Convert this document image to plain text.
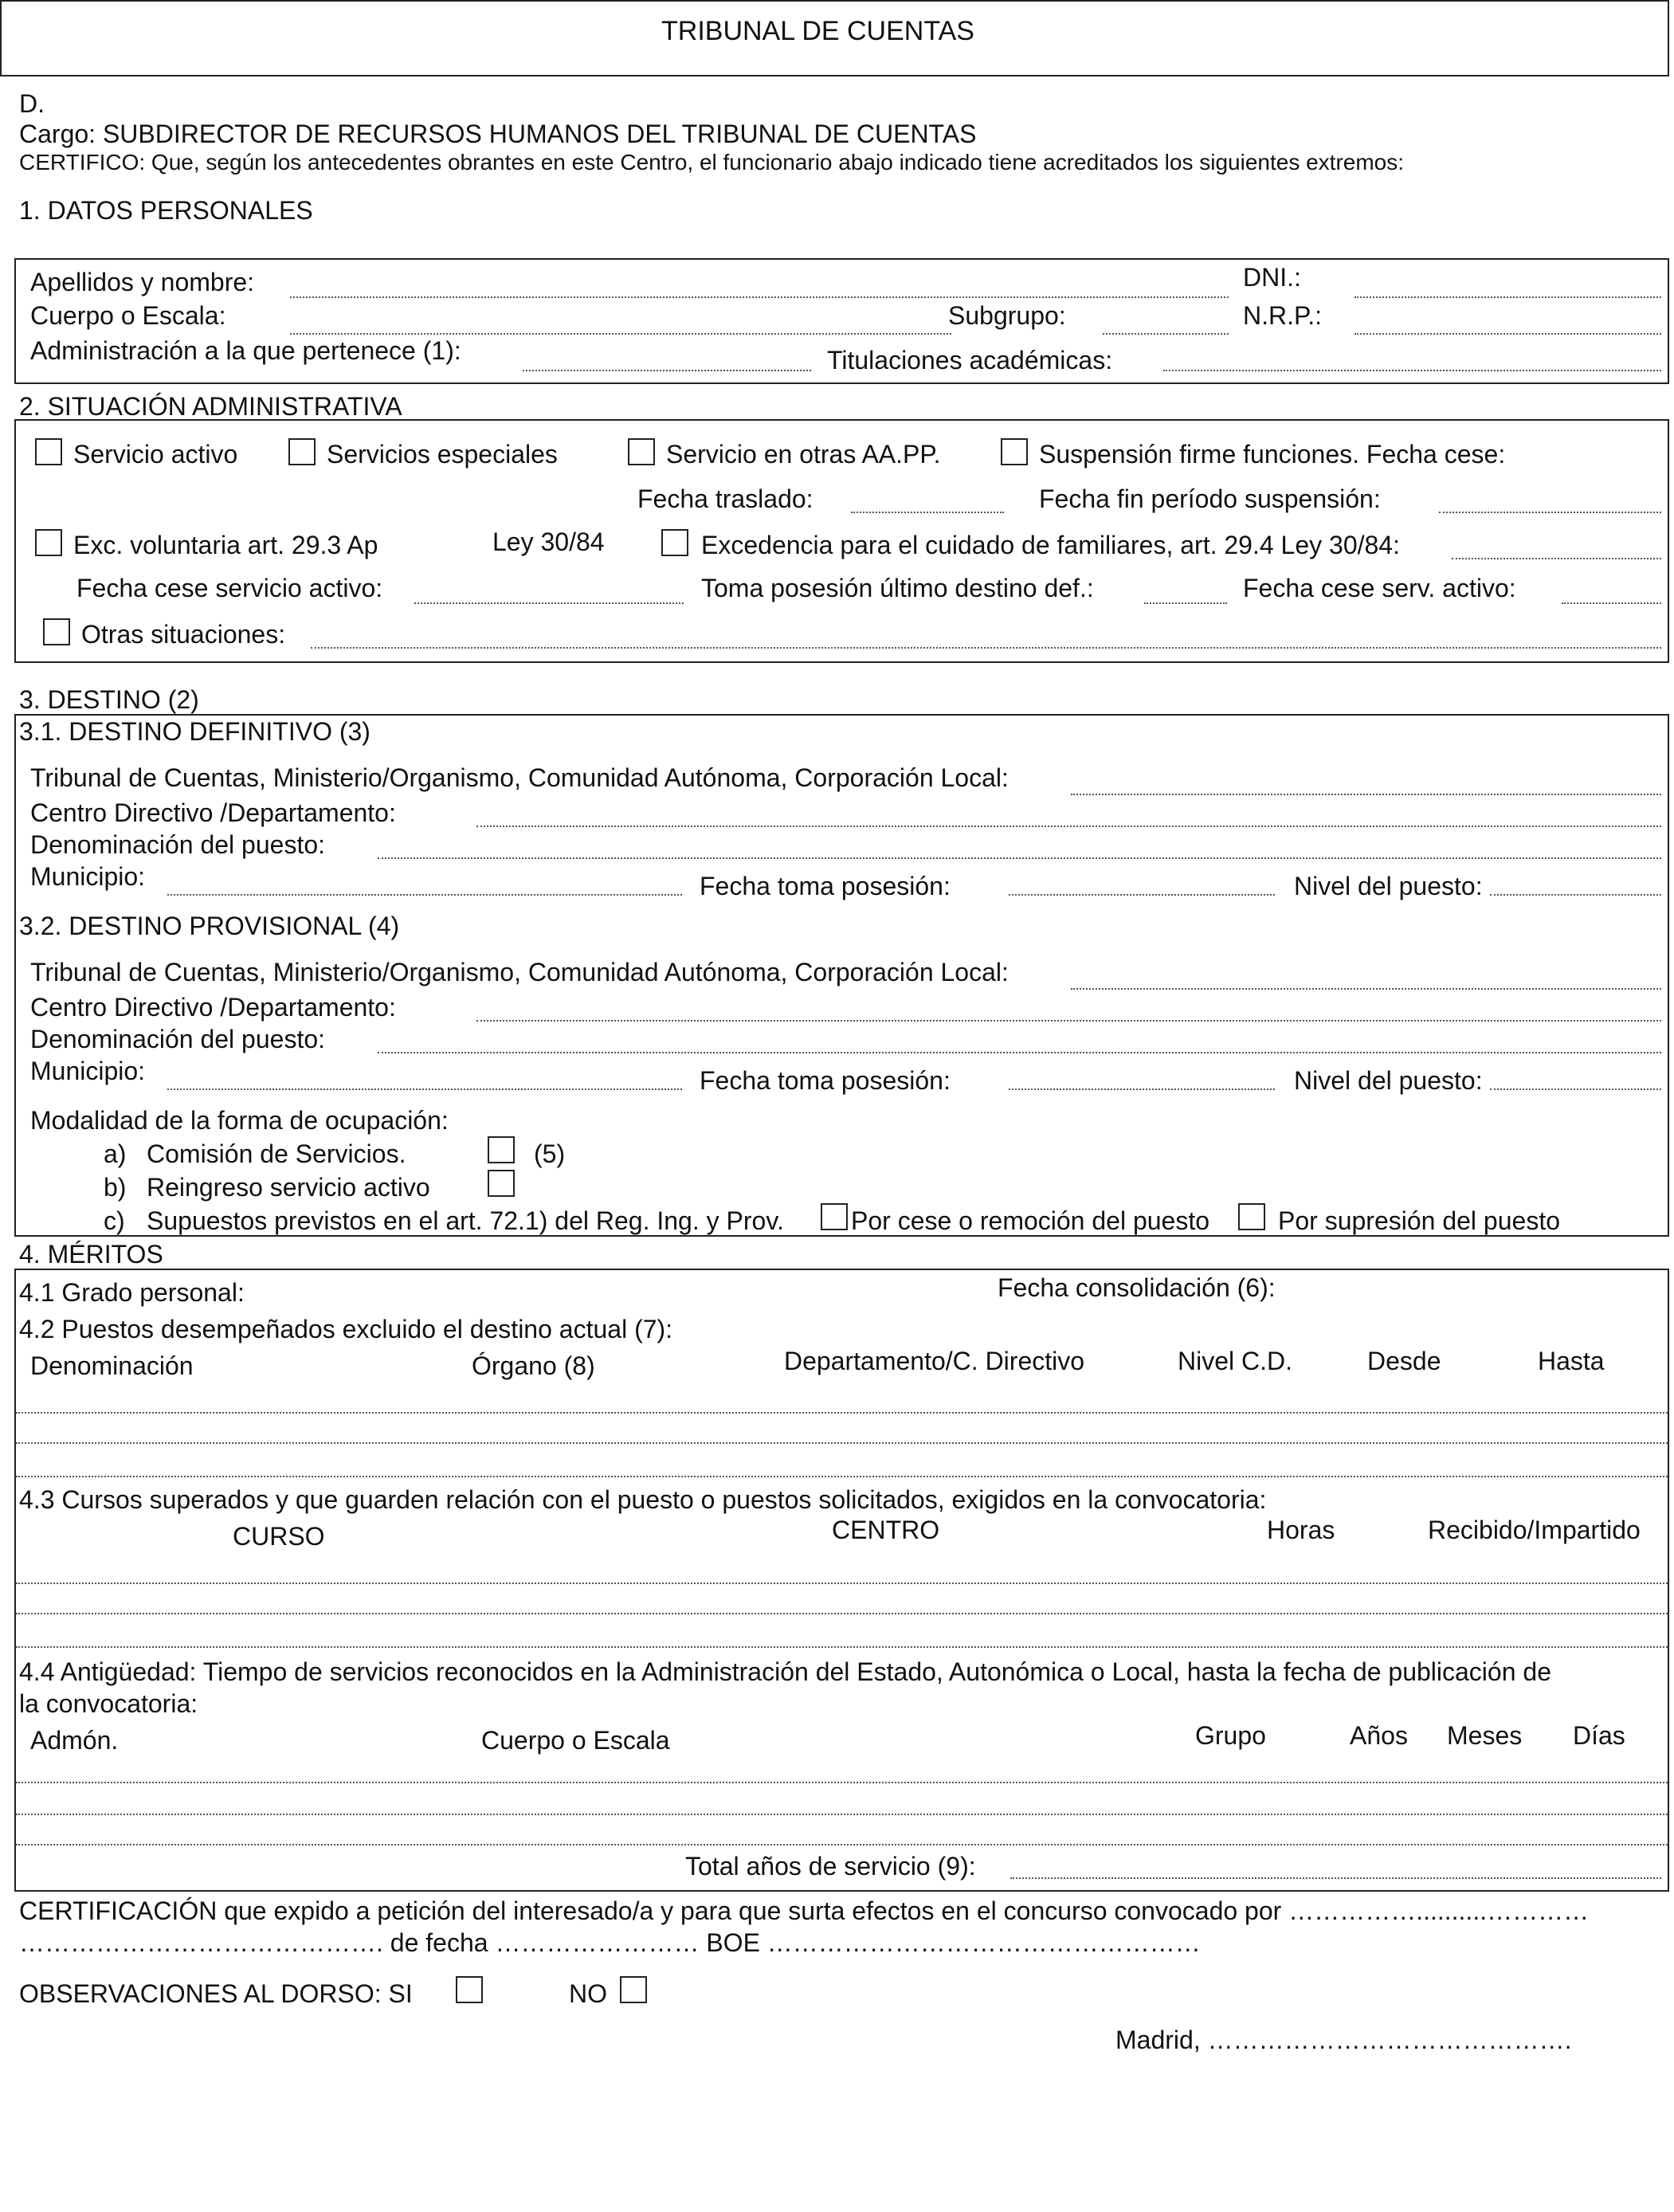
TRIBUNAL DE CUENTAS
D.
Cargo: SUBDIRECTOR DE RECURSOS HUMANOS DEL TRIBUNAL DE CUENTAS
CERTIFICO: Que, según los antecedentes obrantes en este Centro, el funcionario abajo indicado tiene acreditados los siguientes extremos:
1. DATOS PERSONALES
Apellidos y nombre:	DNI.:
Cuerpo o Escala:	Subgrupo:	N.R.P.:
Administración a la que pertenece (1):	Titulaciones académicas:
2. SITUACIÓN ADMINISTRATIVA
Servicio activo	Servicios especiales	Servicio en otras AA.PP.	Suspensión firme funciones. Fecha cese:
Fecha traslado:	Fecha fin período suspensión:
Exc. voluntaria art. 29.3 Ap	Ley 30/84	Excedencia para el cuidado de familiares, art. 29.4 Ley 30/84:
Fecha cese servicio activo:	Toma posesión último destino def.:	Fecha cese serv. activo:
Otras situaciones:
3. DESTINO (2)
3.1. DESTINO DEFINITIVO (3)
Tribunal de Cuentas, Ministerio/Organismo, Comunidad Autónoma, Corporación Local:
Centro Directivo /Departamento:
Denominación del puesto:
Municipio:	Fecha toma posesión:	Nivel del puesto:
3.2. DESTINO PROVISIONAL (4)
Tribunal de Cuentas, Ministerio/Organismo, Comunidad Autónoma, Corporación Local:
Centro Directivo /Departamento:
Denominación del puesto:
Municipio:	Fecha toma posesión:	Nivel del puesto:
Modalidad de la forma de ocupación:
a) Comisión de Servicios.	(5)
b) Reingreso servicio activo
c) Supuestos previstos en el art. 72.1) del Reg. Ing. y Prov.	Por cese o remoción del puesto	Por supresión del puesto
4. MÉRITOS
4.1 Grado personal:	Fecha consolidación (6):
4.2 Puestos desempeñados excluido el destino actual (7):
Denominación	Órgano (8)	Departamento/C. Directivo	Nivel C.D.	Desde	Hasta
4.3 Cursos superados y que guarden relación con el puesto o puestos solicitados, exigidos en la convocatoria:
CURSO	CENTRO	Horas	Recibido/Impartido
4.4 Antigüedad: Tiempo de servicios reconocidos en la Administración del Estado, Autonómica o Local, hasta la fecha de publicación de
la convocatoria:
Admón.	Cuerpo o Escala	Grupo	Años Meses Días
Total años de servicio (9):
CERTIFICACIÓN que expido a petición del interesado/a y para que surta efectos en el concurso convocado por ……………..........…………
……………………………………. de fecha …………………… BOE ……………………………………………
OBSERVACIONES AL DORSO: SI	NO
Madrid, …………………………………….
